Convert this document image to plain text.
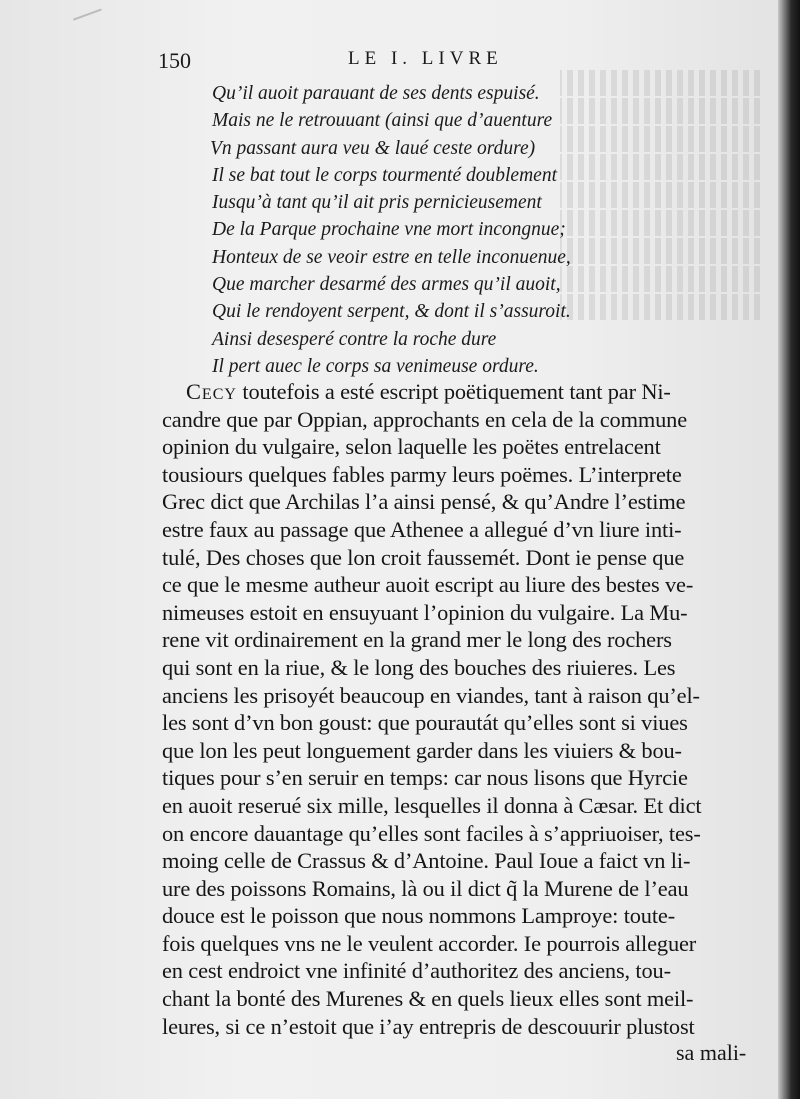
150	LE I. LIVRE
Qu’il auoit parauant de ses dents espuisé.
Mais ne le retrouuant (ainsi que d’auenture
Vn passant aura veu & laué ceste ordure)
Il se bat tout le corps tourmenté doublement
Iusqu’à tant qu’il ait pris pernicieusement
De la Parque prochaine vne mort incongnue;
Honteux de se veoir estre en telle inconuenue,
Que marcher desarmé des armes qu’il auoit,
Qui le rendoyent serpent, & dont il s’assuroit.
Ainsi desesperé contre la roche dure
Il pert auec le corps sa venimeuse ordure.
Cecy toutefois a esté escript poëtiquement tant par Ni-
candre que par Oppian, approchants en cela de la commune
opinion du vulgaire, selon laquelle les poëtes entrelacent
tousiours quelques fables parmy leurs poëmes. L’interprete
Grec dict que Archilas l’a ainsi pensé, & qu’Andre l’estime
estre faux au passage que Athenee a allegué d’vn liure inti-
tulé, Des choses que lon croit faussemét. Dont ie pense que
ce que le mesme autheur auoit escript au liure des bestes ve-
nimeuses estoit en ensuyuant l’opinion du vulgaire. La Mu-
rene vit ordinairement en la grand mer le long des rochers
qui sont en la riue, & le long des bouches des riuieres. Les
anciens les prisoyét beaucoup en viandes, tant à raison qu’el-
les sont d’vn bon goust: que pourautát qu’elles sont si viues
que lon les peut longuement garder dans les viuiers & bou-
tiques pour s’en seruir en temps: car nous lisons que Hyrcie
en auoit reserué six mille, lesquelles il donna à Cæsar. Et dict
on encore dauantage qu’elles sont faciles à s’appriuoiser, tes-
moing celle de Crassus & d’Antoine. Paul Ioue a faict vn li-
ure des poissons Romains, là ou il dict q̃ la Murene de l’eau
douce est le poisson que nous nommons Lamproye: toute-
fois quelques vns ne le veulent accorder. Ie pourrois alleguer
en cest endroict vne infinité d’authoritez des anciens, tou-
chant la bonté des Murenes & en quels lieux elles sont meil-
leures, si ce n’estoit que i’ay entrepris de descouurir plustost
sa mali-
